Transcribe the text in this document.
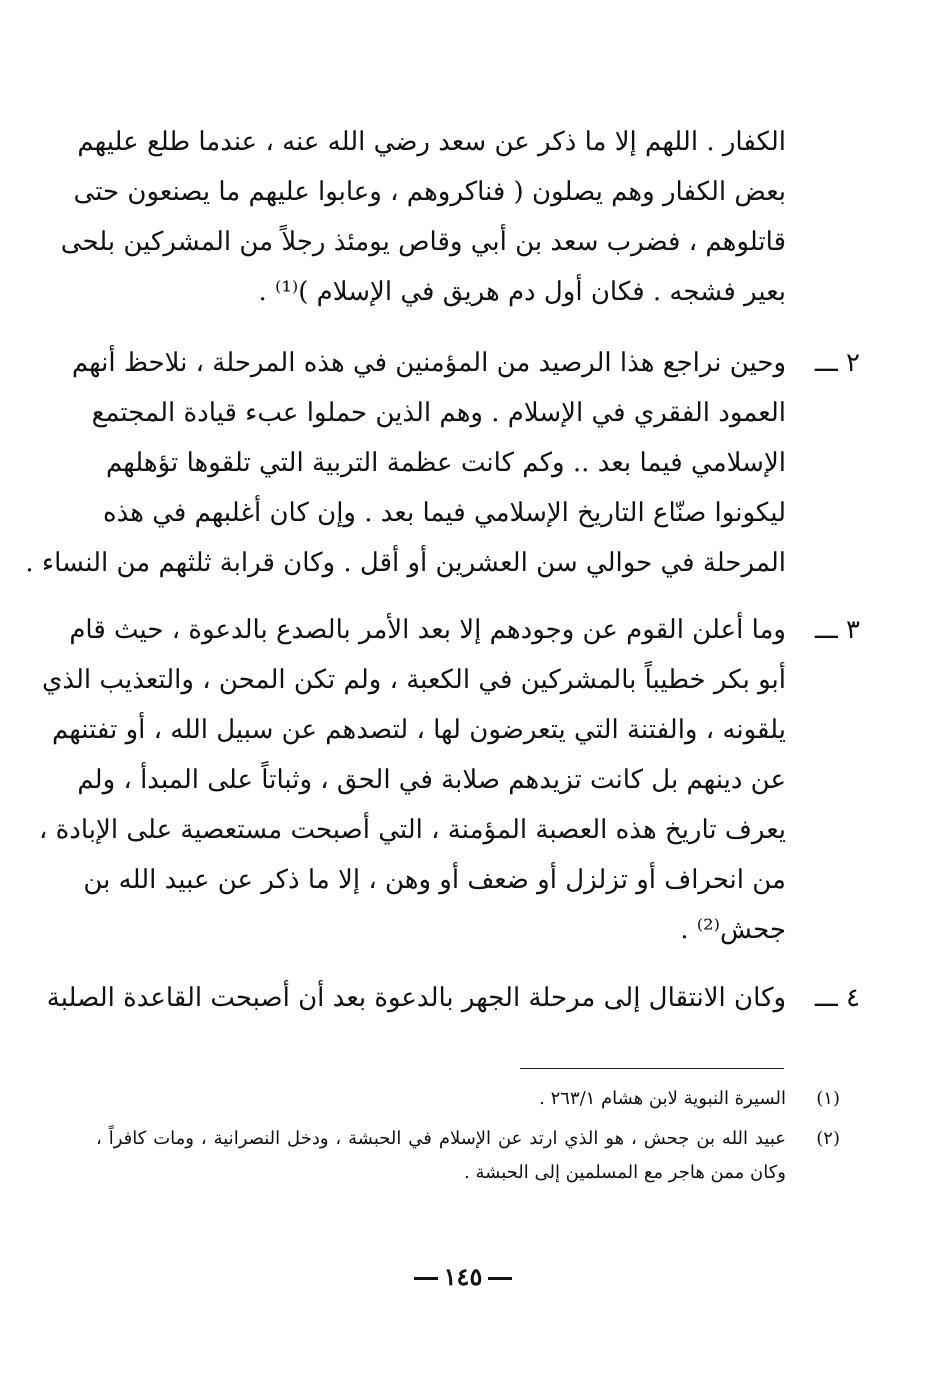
الكفار . اللهم إلا ما ذكر عن سعد رضي الله عنه ، عندما طلع عليهم
بعض الكفار وهم يصلون ( فناكروهم ، وعابوا عليهم ما يصنعون حتى
قاتلوهم ، فضرب سعد بن أبي وقاص يومئذ رجلاً من المشركين بلحى
بعير فشجه . فكان أول دم هريق في الإسلام )⁽¹⁾ .
٢ ـــ
وحين نراجع هذا الرصيد من المؤمنين في هذه المرحلة ، نلاحظ أنهم
العمود الفقري في الإسلام . وهم الذين حملوا عبء قيادة المجتمع
الإسلامي فيما بعد .. وكم كانت عظمة التربية التي تلقوها تؤهلهم
ليكونوا صنّاع التاريخ الإسلامي فيما بعد . وإن كان أغلبهم في هذه
المرحلة في حوالي سن العشرين أو أقل . وكان قرابة ثلثهم من النساء .
٣ ـــ
وما أعلن القوم عن وجودهم إلا بعد الأمر بالصدع بالدعوة ، حيث قام
أبو بكر خطيباً بالمشركين في الكعبة ، ولم تكن المحن ، والتعذيب الذي
يلقونه ، والفتنة التي يتعرضون لها ، لتصدهم عن سبيل الله ، أو تفتنهم
عن دينهم بل كانت تزيدهم صلابة في الحق ، وثباتاً على المبدأ ، ولم
يعرف تاريخ هذه العصبة المؤمنة ، التي أصبحت مستعصية على الإبادة ،
من انحراف أو تزلزل أو ضعف أو وهن ، إلا ما ذكر عن عبيد الله بن
جحش⁽²⁾ .
٤ ـــ
وكان الانتقال إلى مرحلة الجهر بالدعوة بعد أن أصبحت القاعدة الصلبة
(١)
السيرة النبوية لابن هشام ٢٦٣/١ .
(٢)
عبيد الله بن جحش ، هو الذي ارتد عن الإسلام في الحبشة ، ودخل النصرانية ، ومات كافراً ،
وكان ممن هاجر مع المسلمين إلى الحبشة .
١٤٥
